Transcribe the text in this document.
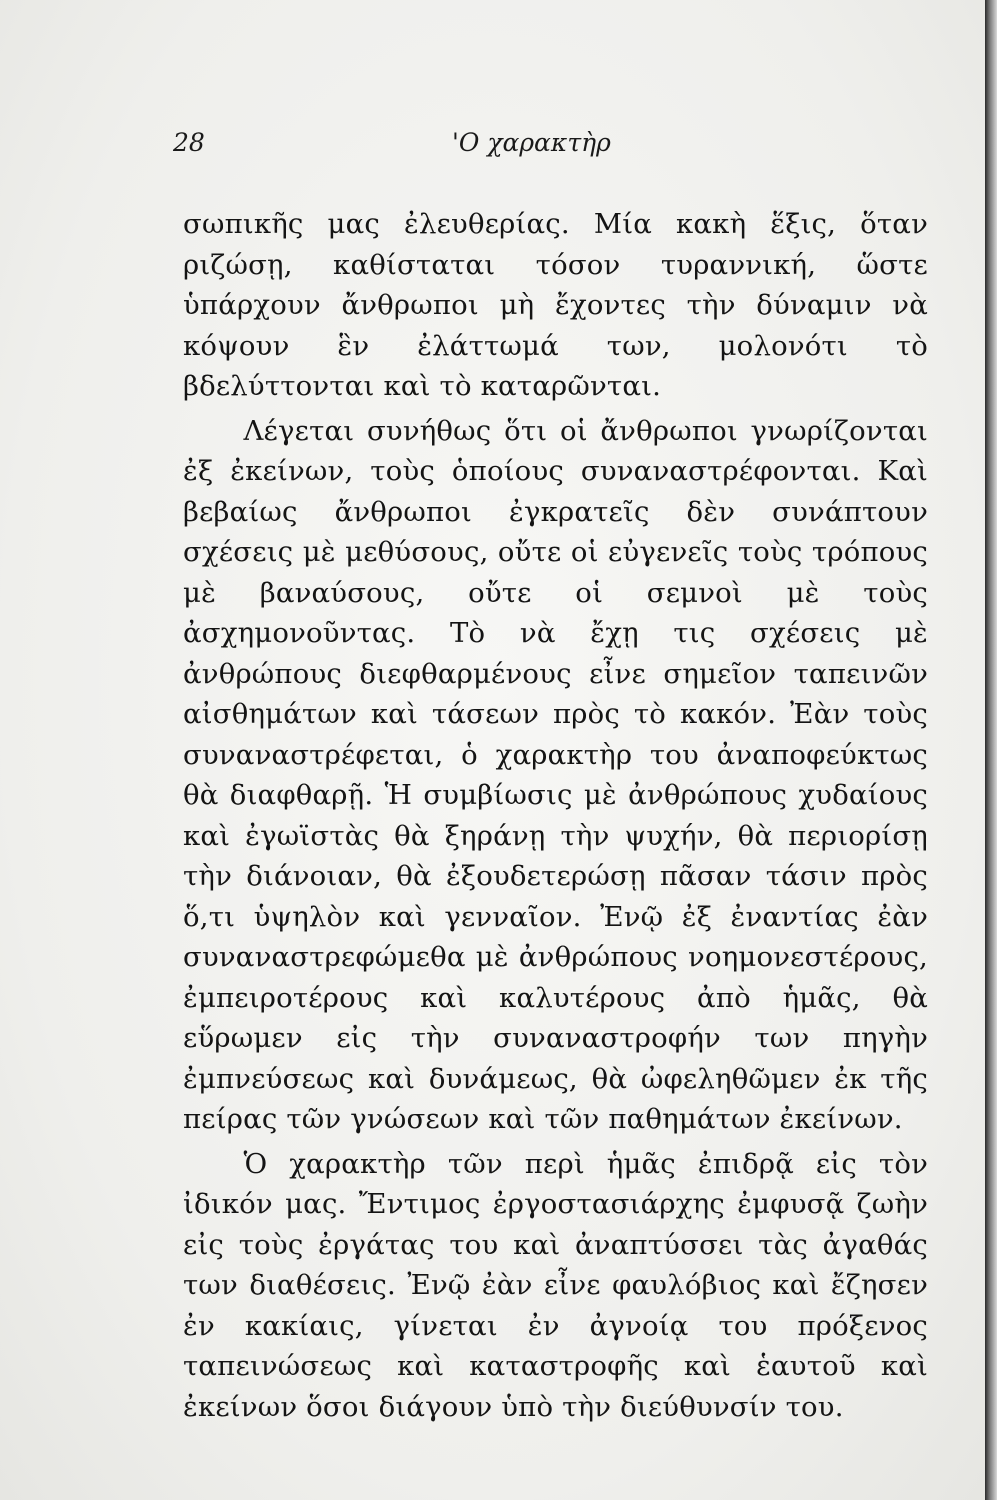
28	'Ο χαρακτὴρ

σωπικῆς μας ἐλευθερίας. Μία κακὴ ἕξις, ὅταν ριζώσῃ, καθίσταται τόσον τυραννική, ὥστε ὑπάρχουν ἄνθρωποι μὴ ἔχοντες τὴν δύναμιν νὰ κόψουν ἓν ἐλάττωμά των, μολονότι τὸ βδελύττονται καὶ τὸ καταρῶνται.

Λέγεται συνήθως ὅτι οἱ ἄνθρωποι γνωρίζονται ἐξ ἐκείνων, τοὺς ὁποίους συναναστρέφονται. Καὶ βεβαίως ἄνθρωποι ἐγκρατεῖς δὲν συνάπτουν σχέσεις μὲ μεθύσους, οὔτε οἱ εὐγενεῖς τοὺς τρόπους μὲ βαναύσους, οὔτε οἱ σεμνοὶ μὲ τοὺς ἀσχημονοῦντας. Τὸ νὰ ἔχῃ τις σχέσεις μὲ ἀνθρώπους διεφθαρμένους εἶνε σημεῖον ταπεινῶν αἰσθημάτων καὶ τάσεων πρὸς τὸ κακόν. Ἐὰν τοὺς συναναστρέφεται, ὁ χαρακτὴρ του ἀναποφεύκτως θὰ διαφθαρῇ. Ἡ συμβίωσις μὲ ἀνθρώπους χυδαίους καὶ ἐγωϊστὰς θὰ ξηράνῃ τὴν ψυχήν, θὰ περιορίσῃ τὴν διάνοιαν, θὰ ἐξουδετερώσῃ πᾶσαν τάσιν πρὸς ὅ,τι ὑψηλὸν καὶ γενναῖον. Ἐνῷ ἐξ ἐναντίας ἐὰν συναναστρεφώμεθα μὲ ἀνθρώπους νοημονεστέρους, ἐμπειροτέρους καὶ καλυτέρους ἀπὸ ἡμᾶς, θὰ εὕρωμεν εἰς τὴν συναναστροφήν των πηγὴν ἐμπνεύσεως καὶ δυνάμεως, θὰ ὠφεληθῶμεν ἐκ τῆς πείρας τῶν γνώσεων καὶ τῶν παθημάτων ἐκείνων.

Ὁ χαρακτὴρ τῶν περὶ ἡμᾶς ἐπιδρᾷ εἰς τὸν ἰδικόν μας. Ἔντιμος ἐργοστασιάρχης ἐμφυσᾷ ζωὴν εἰς τοὺς ἐργάτας του καὶ ἀναπτύσσει τὰς ἀγαθάς των διαθέσεις. Ἐνῷ ἐὰν εἶνε φαυλόβιος καὶ ἔζησεν ἐν κακίαις, γίνεται ἐν ἀγνοίᾳ του πρόξενος ταπεινώσεως καὶ καταστροφῆς καὶ ἑαυτοῦ καὶ ἐκείνων ὅσοι διάγουν ὑπὸ τὴν διεύθυνσίν του.
